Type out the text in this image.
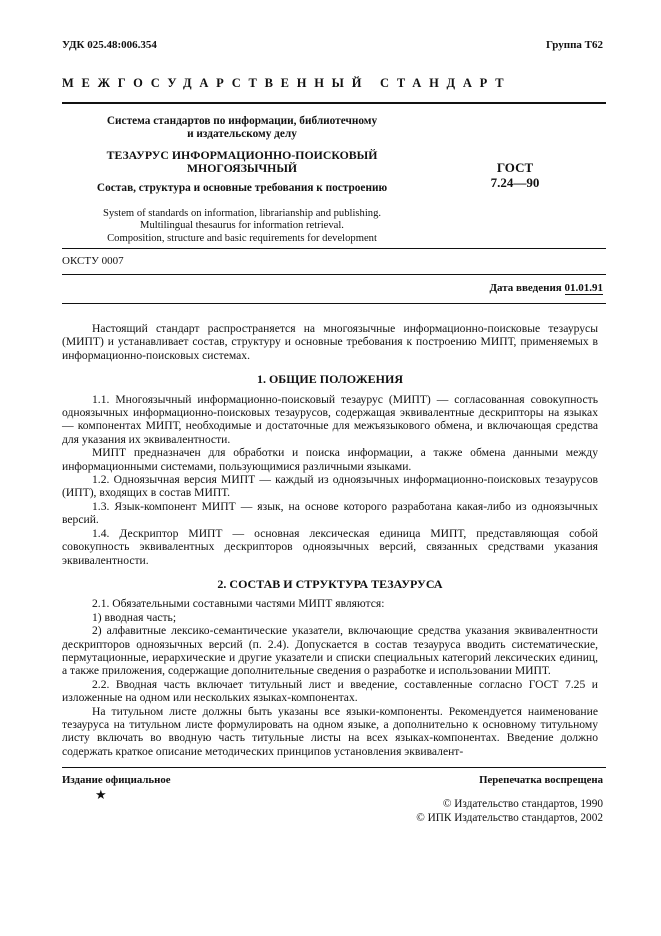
УДК 025.48:006.354	Группа Т62
МЕЖГОСУДАРСТВЕННЫЙ СТАНДАРТ
Система стандартов по информации, библиотечному
и издательскому делу
ТЕЗАУРУС ИНФОРМАЦИОННО-ПОИСКОВЫЙ
МНОГОЯЗЫЧНЫЙ
Состав, структура и основные требования к построению
System of standards on information, librarianship and publishing.
Multilingual thesaurus for information retrieval.
Composition, structure and basic requirements for development
ГОСТ
7.24—90
ОКСТУ 0007
Дата введения 01.01.91

Настоящий стандарт распространяется на многоязычные информационно-поисковые тезаурусы (МИПТ) и устанавливает состав, структуру и основные требования к построению МИПТ, применяемых в информационно-поисковых системах.

1. ОБЩИЕ ПОЛОЖЕНИЯ

1.1. Многоязычный информационно-поисковый тезаурус (МИПТ) — согласованная совокупность одноязычных информационно-поисковых тезаурусов, содержащая эквивалентные дескрипторы на языках — компонентах МИПТ, необходимые и достаточные для межъязыкового обмена, и включающая средства для указания их эквивалентности.

МИПТ предназначен для обработки и поиска информации, а также обмена данными между информационными системами, пользующимися различными языками.

1.2. Одноязычная версия МИПТ — каждый из одноязычных информационно-поисковых тезаурусов (ИПТ), входящих в состав МИПТ.

1.3. Язык-компонент МИПТ — язык, на основе которого разработана какая-либо из одноязычных версий.

1.4. Дескриптор МИПТ — основная лексическая единица МИПТ, представляющая собой совокупность эквивалентных дескрипторов одноязычных версий, связанных средствами указания эквивалентности.

2. СОСТАВ И СТРУКТУРА ТЕЗАУРУСА

2.1. Обязательными составными частями МИПТ являются:

1) вводная часть;

2) алфавитные лексико-семантические указатели, включающие средства указания эквивалентности дескрипторов одноязычных версий (п. 2.4). Допускается в состав тезауруса вводить систематические, пермутационные, иерархические и другие указатели и списки специальных категорий лексических единиц, а также приложения, содержащие дополнительные сведения о разработке и использовании МИПТ.

2.2. Вводная часть включает титульный лист и введение, составленные согласно ГОСТ 7.25 и изложенные на одном или нескольких языках-компонентах.

На титульном листе должны быть указаны все языки-компоненты. Рекомендуется наименование тезауруса на титульном листе формулировать на одном языке, а дополнительно к основному титульному листу включать во вводную часть титульные листы на всех языках-компонентах. Введение должно содержать краткое описание методических принципов установления эквивалент-

Издание официальное
★
Перепечатка воспрещена
© Издательство стандартов, 1990
© ИПК Издательство стандартов, 2002
